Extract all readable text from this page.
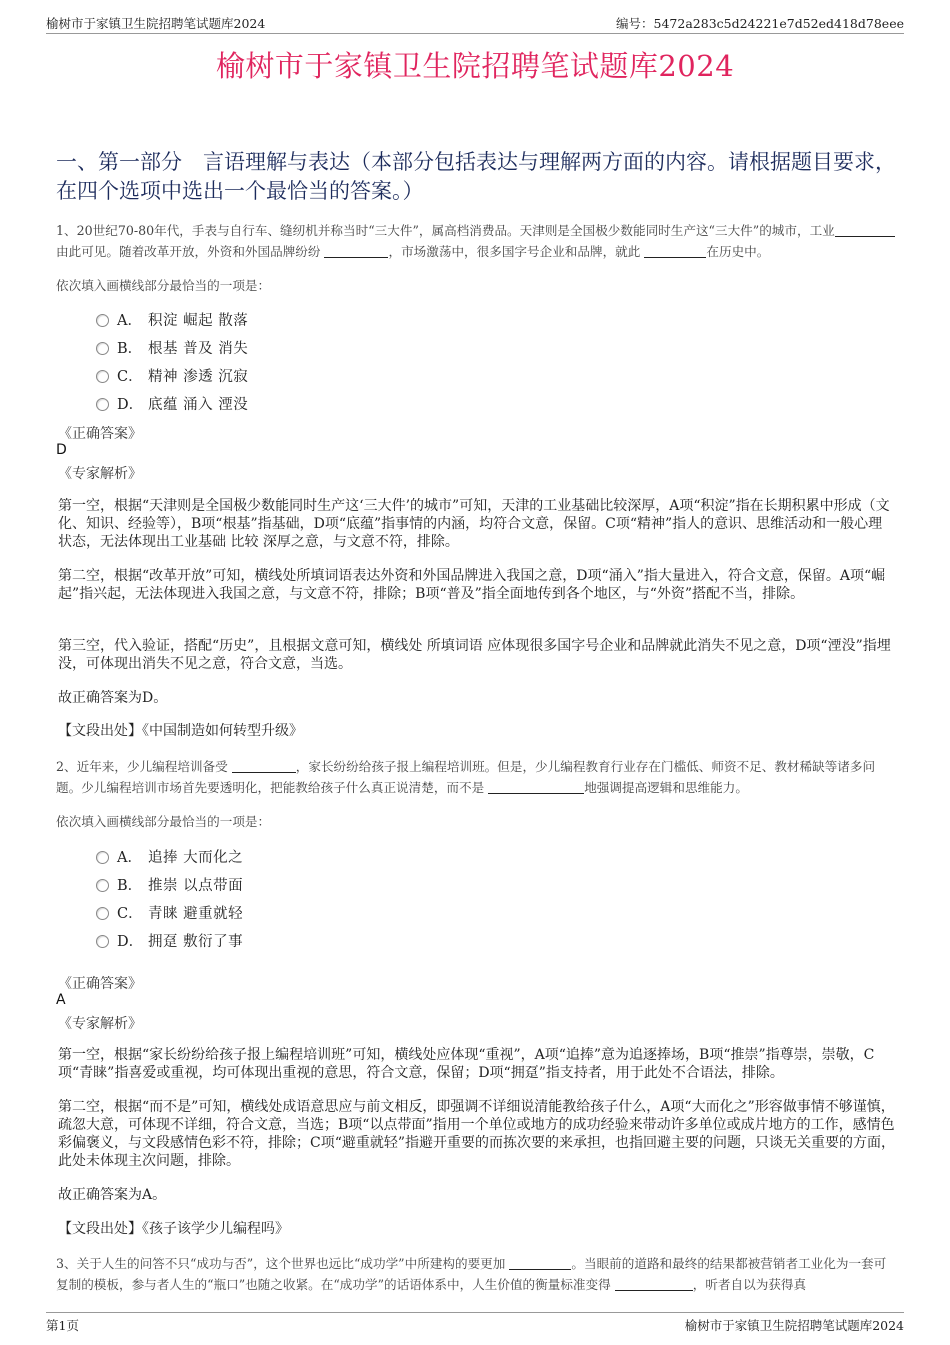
榆树市于家镇卫生院招聘笔试题库2024	编号：5472a283c5d24221e7d52ed418d78eee
榆树市于家镇卫生院招聘笔试题库2024
一、第一部分　言语理解与表达（本部分包括表达与理解两方面的内容。请根据题目要求，在四个选项中选出一个最恰当的答案。）
1、20世纪70-80年代，手表与自行车、缝纫机并称当时“三大件”，属高档消费品。天津则是全国极少数能同时生产这“三大件”的城市，工业由此可见。随着改革开放，外资和外国品牌纷纷	，市场激荡中，很多国字号企业和品牌，就此	在历史中。
依次填入画横线部分最恰当的一项是：
A． 积淀 崛起 散落
B． 根基 普及 消失
C． 精神 渗透 沉寂
D． 底蕴 涌入 湮没
《正确答案》
D
《专家解析》
第一空，根据“天津则是全国极少数能同时生产这‘三大件’的城市”可知，天津的工业基础比较深厚，A项“积淀”指在长期积累中形成（文化、知识、经验等），B项“根基”指基础，D项“底蕴”指事情的内涵，均符合文意，保留。C项“精神”指人的意识、思维活动和一般心理状态，无法体现出工业基础 比较 深厚之意，与文意不符，排除。
第二空，根据“改革开放”可知，横线处所填词语表达外资和外国品牌进入我国之意，D项“涌入”指大量进入，符合文意，保留。A项“崛起”指兴起，无法体现进入我国之意，与文意不符，排除；B项“普及”指全面地传到各个地区，与“外资”搭配不当，排除。
第三空，代入验证，搭配“历史”，且根据文意可知，横线处 所填词语 应体现很多国字号企业和品牌就此消失不见之意，D项“湮没”指埋没，可体现出消失不见之意，符合文意，当选。
故正确答案为D。
【文段出处】《中国制造如何转型升级》
2、近年来，少儿编程培训备受	，家长纷纷给孩子报上编程培训班。但是，少儿编程教育行业存在门槛低、师资不足、教材稀缺等诸多问题。少儿编程培训市场首先要透明化，把能教给孩子什么真正说清楚，而不是	地强调提高逻辑和思维能力。
依次填入画横线部分最恰当的一项是：
A． 追捧 大而化之
B． 推崇 以点带面
C． 青睐 避重就轻
D． 拥趸 敷衍了事
《正确答案》
A
《专家解析》
第一空，根据“家长纷纷给孩子报上编程培训班”可知，横线处应体现“重视”，A项“追捧”意为追逐捧场，B项“推崇”指尊崇，崇敬，C项“青睐”指喜爱或重视，均可体现出重视的意思，符合文意，保留；D项“拥趸”指支持者，用于此处不合语法，排除。
第二空，根据“而不是”可知，横线处成语意思应与前文相反，即强调不详细说清能教给孩子什么，A项“大而化之”形容做事情不够谨慎，疏忽大意，可体现不详细，符合文意，当选；B项“以点带面”指用一个单位或地方的成功经验来带动许多单位或成片地方的工作，感情色彩偏褒义，与文段感情色彩不符，排除；C项“避重就轻”指避开重要的而拣次要的来承担，也指回避主要的问题，只谈无关重要的方面，此处未体现主次问题，排除。
故正确答案为A。
【文段出处】《孩子该学少儿编程吗》
3、关于人生的问答不只“成功与否”，这个世界也远比“成功学”中所建构的要更加	。当眼前的道路和最终的结果都被营销者工业化为一套可复制的模板，参与者人生的“瓶口”也随之收紧。在“成功学”的话语体系中，人生价值的衡量标准变得	，听者自以为获得真
第1页	榆树市于家镇卫生院招聘笔试题库2024
